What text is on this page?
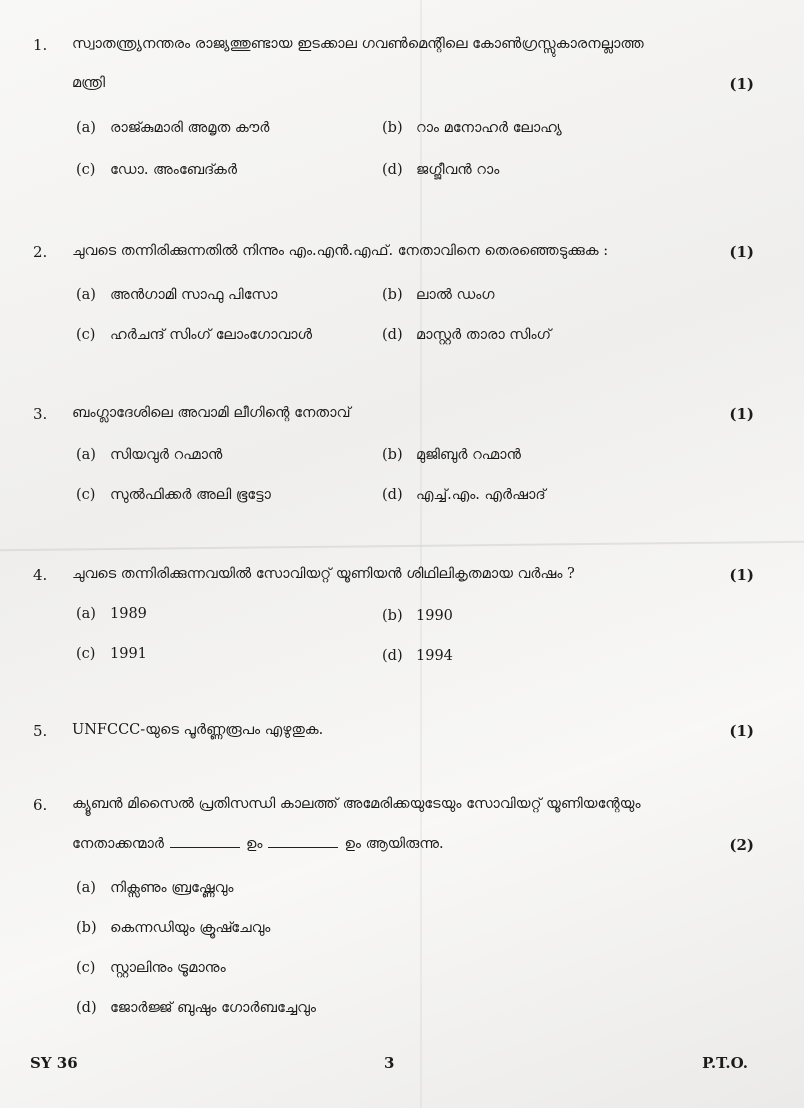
1. സ്വാതന്ത്ര്യനന്തരം രാജ്യത്തുണ്ടായ ഇടക്കാല ഗവൺമെന്റിലെ കോൺഗ്രസ്സുകാരനല്ലാത്ത
മന്ത്രി	(1)
(a) രാജ്കുമാരി അമൃത കൗർ	(b) റാം മനോഹർ ലോഹ്യ
(c) ഡോ. അംബേദ്കർ	(d) ജഗ്ജീവൻ റാം
2. ചുവടെ തന്നിരിക്കുന്നതിൽ നിന്നും എം.എൻ.എഫ്. നേതാവിനെ തെരഞ്ഞെടുക്കുക :	(1)
(a) അൻഗാമി സാഫു പിസോ	(b) ലാൽ ഡംഗ
(c) ഹർചന്ദ് സിംഗ് ലോംഗോവാൾ	(d) മാസ്റ്റർ താരാ സിംഗ്
3. ബംഗ്ലാദേശിലെ അവാമി ലീഗിന്റെ നേതാവ്	(1)
(a) സിയവുർ റഹ്മാൻ	(b) മുജിബുർ റഹ്മാൻ
(c) സുൽഫിക്കർ അലി ഭൂട്ടോ	(d) എച്ച്.എം. എർഷാദ്
4. ചുവടെ തന്നിരിക്കുന്നവയിൽ സോവിയറ്റ് യൂണിയൻ ശിഥിലികൃതമായ വർഷം ?	(1)
(a) 1989	(b) 1990
(c) 1991	(d) 1994
5. UNFCCC-യുടെ പൂർണ്ണരൂപം എഴുതുക.	(1)
6. ക്യൂബൻ മിസൈൽ പ്രതിസന്ധി കാലത്ത് അമേരിക്കയുടേയും സോവിയറ്റ് യൂണിയന്റേയും
നേതാക്കന്മാർ	ഉം	ഉം ആയിരുന്നു.	(2)
(a) നിക്സണും ബ്രഷ്ണേവും
(b) കെന്നഡിയും ക്രൂഷ്ചേവും
(c) സ്റ്റാലിനും ട്രൂമാനും
(d) ജോർജ്ജ് ബുഷും ഗോർബച്ചേവും
SY 36	3	P.T.O.
